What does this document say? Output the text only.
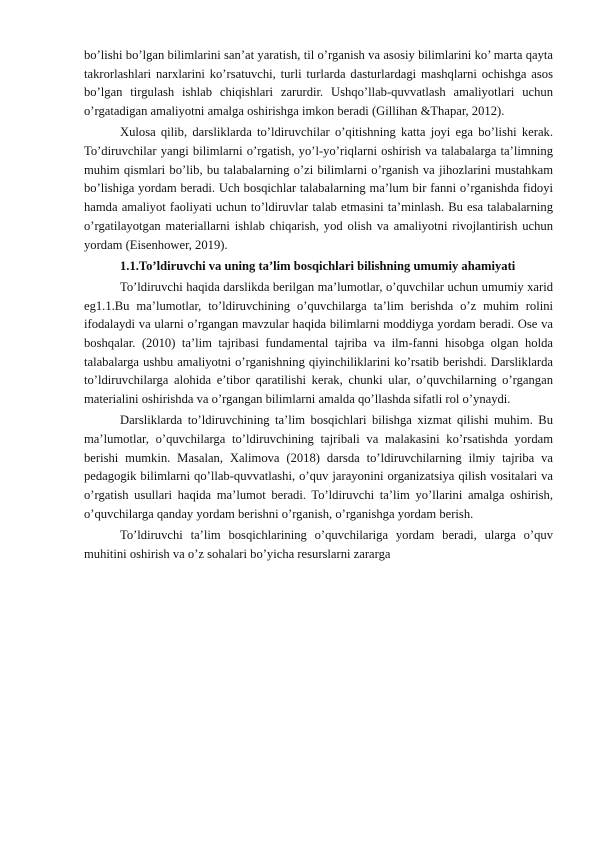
bo’lishi bo’lgan bilimlarini san’at yaratish, til o’rganish va asosiy bilimlarini ko’ marta qayta takrorlashlari narxlarini ko’rsatuvchi, turli turlarda dasturlardagi mashqlarni ochishga asos bo’lgan tirgulash ishlab chiqishlari zarurdir. Ushqo’llab-quvvatlash amaliyotlari uchun o’rgatadigan amaliyotni amalga oshirishga imkon beradi (Gillihan &Thapar, 2012).

Xulosa qilib, darsliklarda to’ldiruvchilar o’qitishning katta joyi ega bo’lishi kerak. To’diruvchilar yangi bilimlarni o’rgatish, yo’l-yo’riqlarni oshirish va talabalarga ta’limning muhim qismlari bo’lib, bu talabalarning o’zi bilimlarni o’rganish va jihozlarini mustahkam bo’lishiga yordam beradi. Uch bosqichlar talabalarning ma’lum bir fanni o’rganishda fidoyi hamda amaliyot faoliyati uchun to’ldiruvlar talab etmasini ta’minlash. Bu esa talabalarning o’rgatilayotgan materiallarni ishlab chiqarish, yod olish va amaliyotni rivojlantirish uchun yordam (Eisenhower, 2019).

1.1.To’ldiruvchi va uning ta’lim bosqichlari bilishning umumiy ahamiyati

To’ldiruvchi haqida darslikda berilgan ma’lumotlar, o’quvchilar uchun umumiy xarid eg1.1.Bu ma’lumotlar, to’ldiruvchining o’quvchilarga ta’lim berishda o’z muhim rolini ifodalaydi va ularni o’rgangan mavzular haqida bilimlarni moddiyga yordam beradi. Ose va boshqalar. (2010) ta’lim tajribasi fundamental tajriba va ilm-fanni hisobga olgan holda talabalarga ushbu amaliyotni o’rganishning qiyinchiliklarini ko’rsatib berishdi. Darsliklarda to’ldiruvchilarga alohida e’tibor qaratilishi kerak, chunki ular, o’quvchilarning o’rgangan materialini oshirishda va o’rgangan bilimlarni amalda qo’llashda sifatli rol o’ynaydi.

Darsliklarda to’ldiruvchining ta’lim bosqichlari bilishga xizmat qilishi muhim. Bu ma’lumotlar, o’quvchilarga to’ldiruvchining tajribali va malakasini ko’rsatishda yordam berishi mumkin. Masalan, Xalimova (2018) darsda to’ldiruvchilarning ilmiy tajriba va pedagogik bilimlarni qo’llab-quvvatlashi, o’quv jarayonini organizatsiya qilish vositalari va o’rgatish usullari haqida ma’lumot beradi. To’ldiruvchi ta’lim yo’llarini amalga oshirish, o’quvchilarga qanday yordam berishni o’rganish, o’rganishga yordam berish.

To’ldiruvchi ta’lim bosqichlarining o’quvchilariga yordam beradi, ularga o’quv muhitini oshirish va o’z sohalari bo’yicha resurslarni zararga
